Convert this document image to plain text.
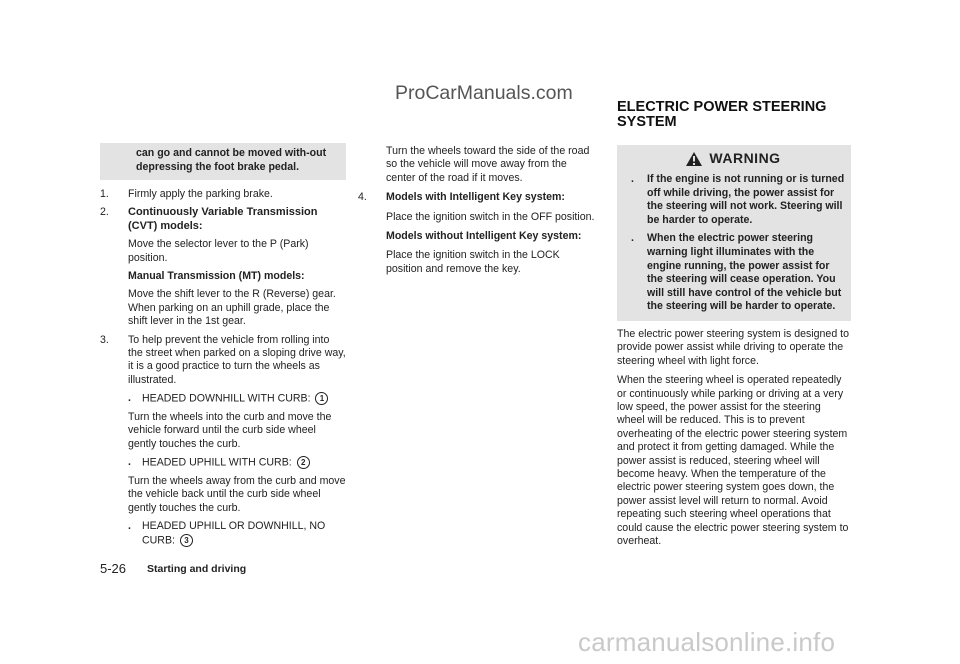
ProCarManuals.com
ELECTRIC POWER STEERING SYSTEM
can go and cannot be moved with-out depressing the foot brake pedal.
1. Firmly apply the parking brake.
2. Continuously Variable Transmission (CVT) models:

Move the selector lever to the P (Park) position.

Manual Transmission (MT) models:

Move the shift lever to the R (Reverse) gear. When parking on an uphill grade, place the shift lever in the 1st gear.

3. To help prevent the vehicle from rolling into the street when parked on a sloping drive way, it is a good practice to turn the wheels as illustrated.
. HEADED DOWNHILL WITH CURB: 1

Turn the wheels into the curb and move the vehicle forward until the curb side wheel gently touches the curb.

. HEADED UPHILL WITH CURB: 2

Turn the wheels away from the curb and move the vehicle back until the curb side wheel gently touches the curb.

. HEADED UPHILL OR DOWNHILL, NO CURB: 3

Turn the wheels toward the side of the road so the vehicle will move away from the center of the road if it moves.

4. Models with Intelligent Key system:

Place the ignition switch in the OFF position.

Models without Intelligent Key system:

Place the ignition switch in the LOCK position and remove the key.

WARNING
. If the engine is not running or is turned off while driving, the power assist for the steering will not work. Steering will be harder to operate.
. When the electric power steering warning light illuminates with the engine running, the power assist for the steering will cease operation. You will still have control of the vehicle but the steering will be harder to operate.

The electric power steering system is designed to provide power assist while driving to operate the steering wheel with light force.

When the steering wheel is operated repeatedly or continuously while parking or driving at a very low speed, the power assist for the steering wheel will be reduced. This is to prevent overheating of the electric power steering system and protect it from getting damaged. While the power assist is reduced, steering wheel will become heavy. When the temperature of the electric power steering system goes down, the power assist level will return to normal. Avoid repeating such steering wheel operations that could cause the electric power steering system to overheat.

5-26 Starting and driving
carmanualsonline.info
